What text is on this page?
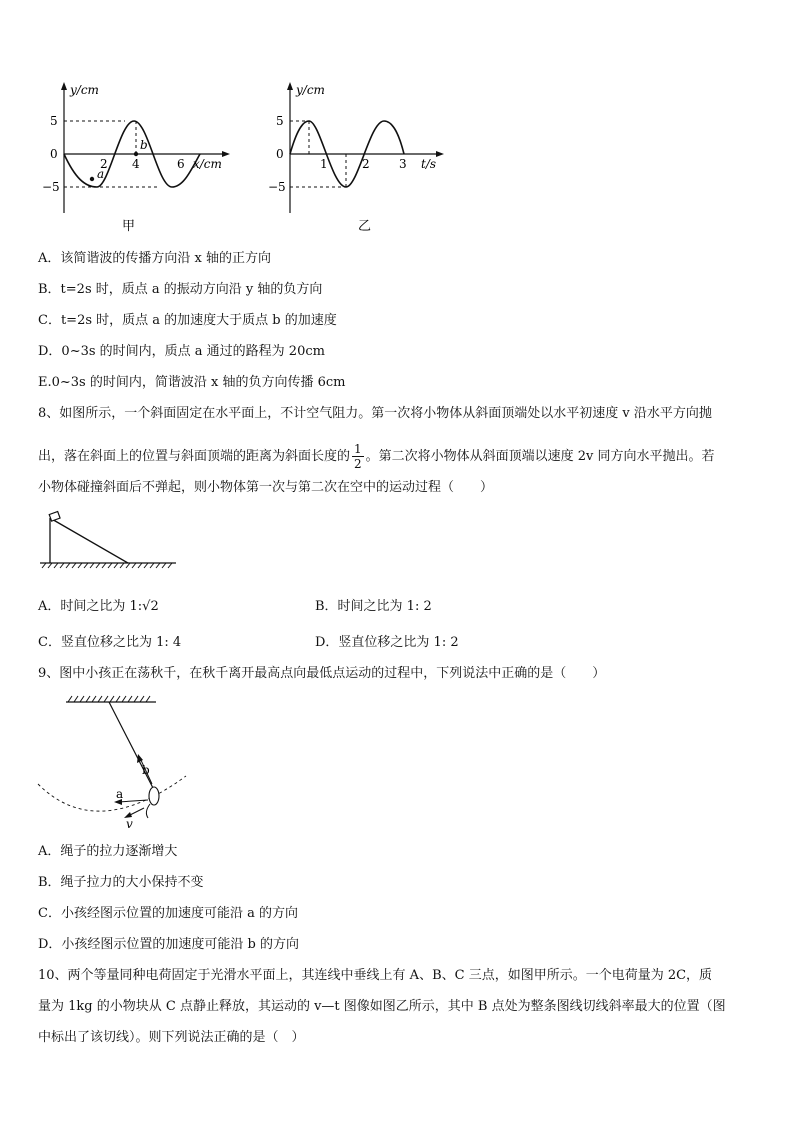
y/cm
5
0
−5
2 4	6 x/cm
a
b
甲
y/cm
5
0
−5
1	2 3 t/s
乙
A．该简谐波的传播方向沿 x 轴的正方向
B．t=2s 时，质点 a 的振动方向沿 y 轴的负方向
C．t=2s 时，质点 a 的加速度大于质点 b 的加速度
D．0~3s 的时间内，质点 a 通过的路程为 20cm
E.0~3s 的时间内，简谐波沿 x 轴的负方向传播 6cm
8、如图所示，一个斜面固定在水平面上，不计空气阻力。第一次将小物体从斜面顶端处以水平初速度 v 沿水平方向抛
出，落在斜面上的位置与斜面顶端的距离为斜面长度的 $\frac{1}{2}$ 。第二次将小物体从斜面顶端以速度 2v 同方向水平抛出。若
小物体碰撞斜面后不弹起，则小物体第一次与第二次在空中的运动过程（　　）
A．时间之比为 1:√2	B．时间之比为 1: 2
C．竖直位移之比为 1: 4	D．竖直位移之比为 1: 2
9、图中小孩正在荡秋千，在秋千离开最高点向最低点运动的过程中，下列说法中正确的是（　　）
b
a
v
A．绳子的拉力逐渐增大
B．绳子拉力的大小保持不变
C．小孩经图示位置的加速度可能沿 a 的方向
D．小孩经图示位置的加速度可能沿 b 的方向
10、两个等量同种电荷固定于光滑水平面上，其连线中垂线上有 A、B、C 三点，如图甲所示。一个电荷量为 2C，质
量为 1kg 的小物块从 C 点静止释放，其运动的 v—t 图像如图乙所示，其中 B 点处为整条图线切线斜率最大的位置（图
中标出了该切线）。则下列说法正确的是（　）
